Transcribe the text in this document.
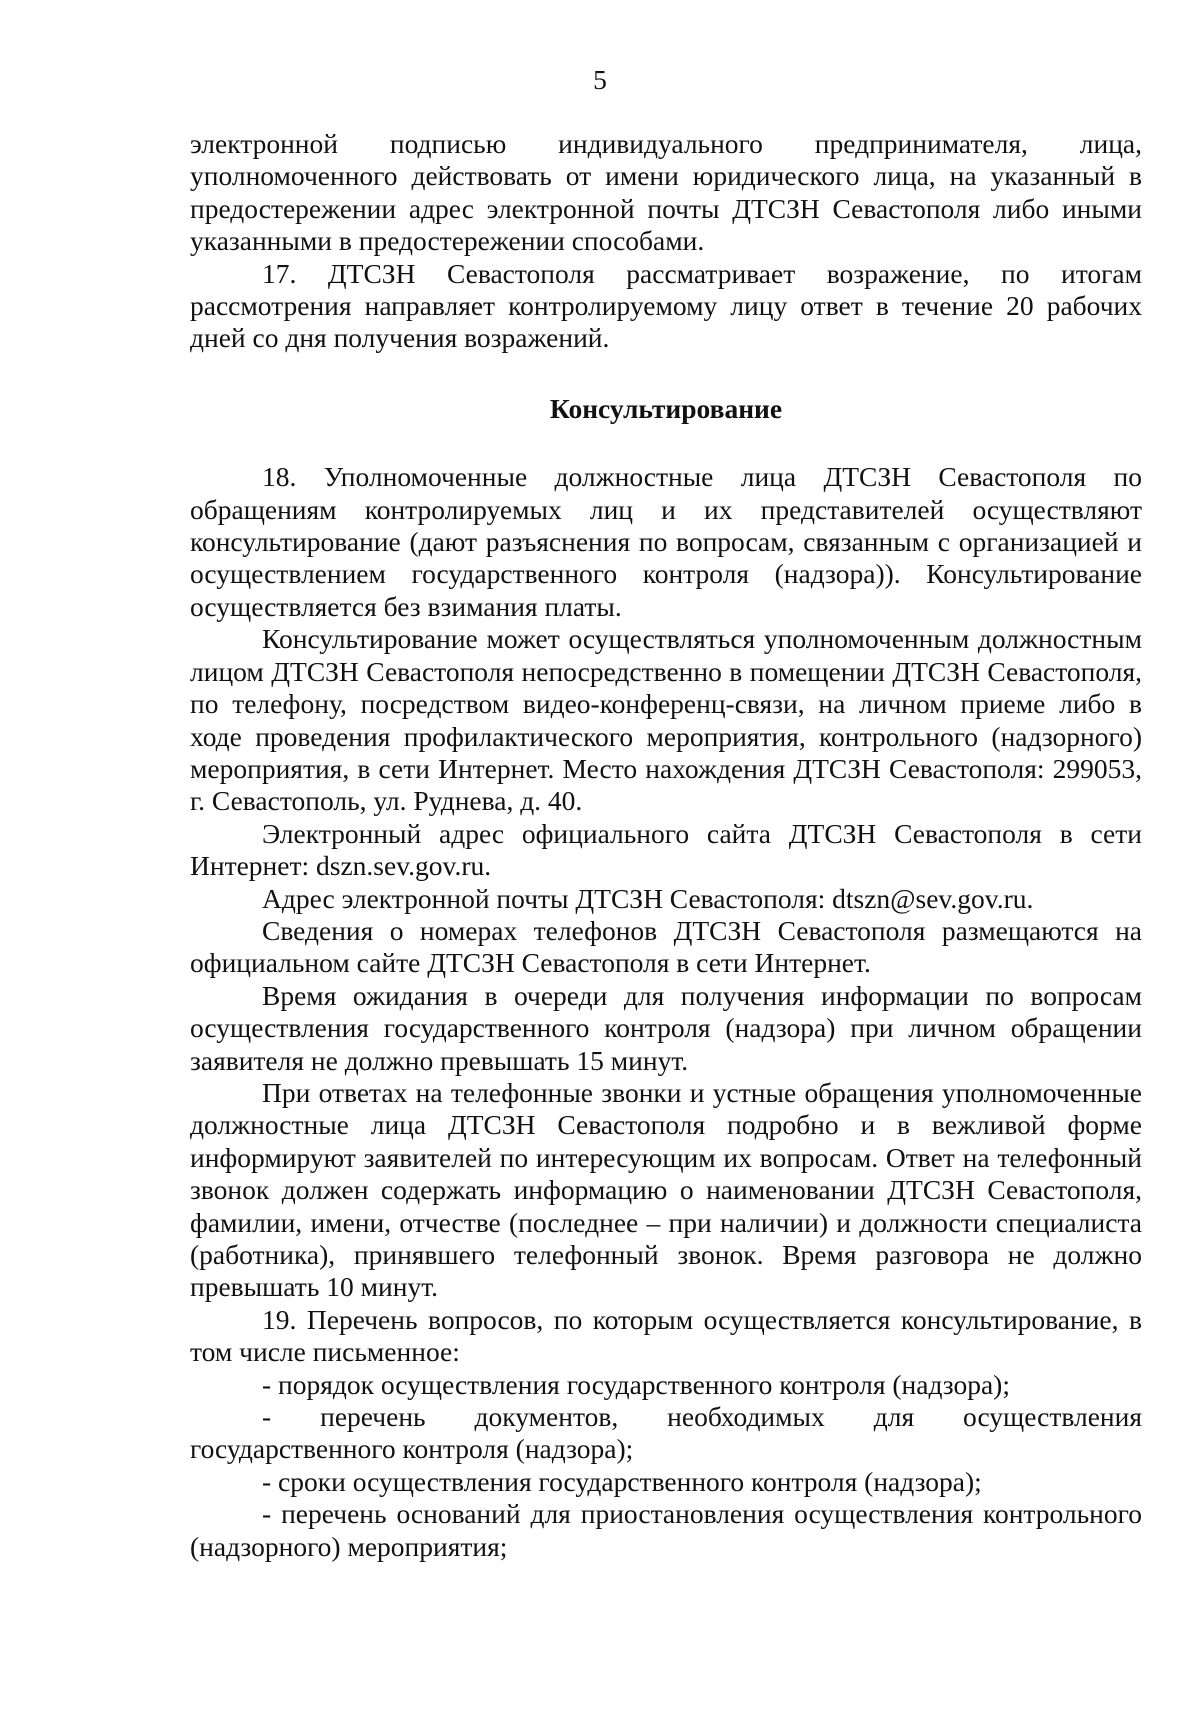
5

электронной подписью индивидуального предпринимателя, лица, уполномоченного действовать от имени юридического лица, на указанный в предостережении адрес электронной почты ДТСЗН Севастополя либо иными указанными в предостережении способами.

17. ДТСЗН Севастополя рассматривает возражение, по итогам рассмотрения направляет контролируемому лицу ответ в течение 20 рабочих дней со дня получения возражений.

Консультирование

18. Уполномоченные должностные лица ДТСЗН Севастополя по обращениям контролируемых лиц и их представителей осуществляют консультирование (дают разъяснения по вопросам, связанным с организацией и осуществлением государственного контроля (надзора)). Консультирование осуществляется без взимания платы.

Консультирование может осуществляться уполномоченным должностным лицом ДТСЗН Севастополя непосредственно в помещении ДТСЗН Севастополя, по телефону, посредством видео-конференц-связи, на личном приеме либо в ходе проведения профилактического мероприятия, контрольного (надзорного) мероприятия, в сети Интернет. Место нахождения ДТСЗН Севастополя: 299053, г. Севастополь, ул. Руднева, д. 40.

Электронный адрес официального сайта ДТСЗН Севастополя в сети Интернет: dszn.sev.gov.ru.

Адрес электронной почты ДТСЗН Севастополя: dtszn@sev.gov.ru.

Сведения о номерах телефонов ДТСЗН Севастополя размещаются на официальном сайте ДТСЗН Севастополя в сети Интернет.

Время ожидания в очереди для получения информации по вопросам осуществления государственного контроля (надзора) при личном обращении заявителя не должно превышать 15 минут.

При ответах на телефонные звонки и устные обращения уполномоченные должностные лица ДТСЗН Севастополя подробно и в вежливой форме информируют заявителей по интересующим их вопросам. Ответ на телефонный звонок должен содержать информацию о наименовании ДТСЗН Севастополя, фамилии, имени, отчестве (последнее – при наличии) и должности специалиста (работника), принявшего телефонный звонок. Время разговора не должно превышать 10 минут.

19. Перечень вопросов, по которым осуществляется консультирование, в том числе письменное:

- порядок осуществления государственного контроля (надзора);

- перечень документов, необходимых для осуществления государственного контроля (надзора);

- сроки осуществления государственного контроля (надзора);

- перечень оснований для приостановления осуществления контрольного (надзорного) мероприятия;
